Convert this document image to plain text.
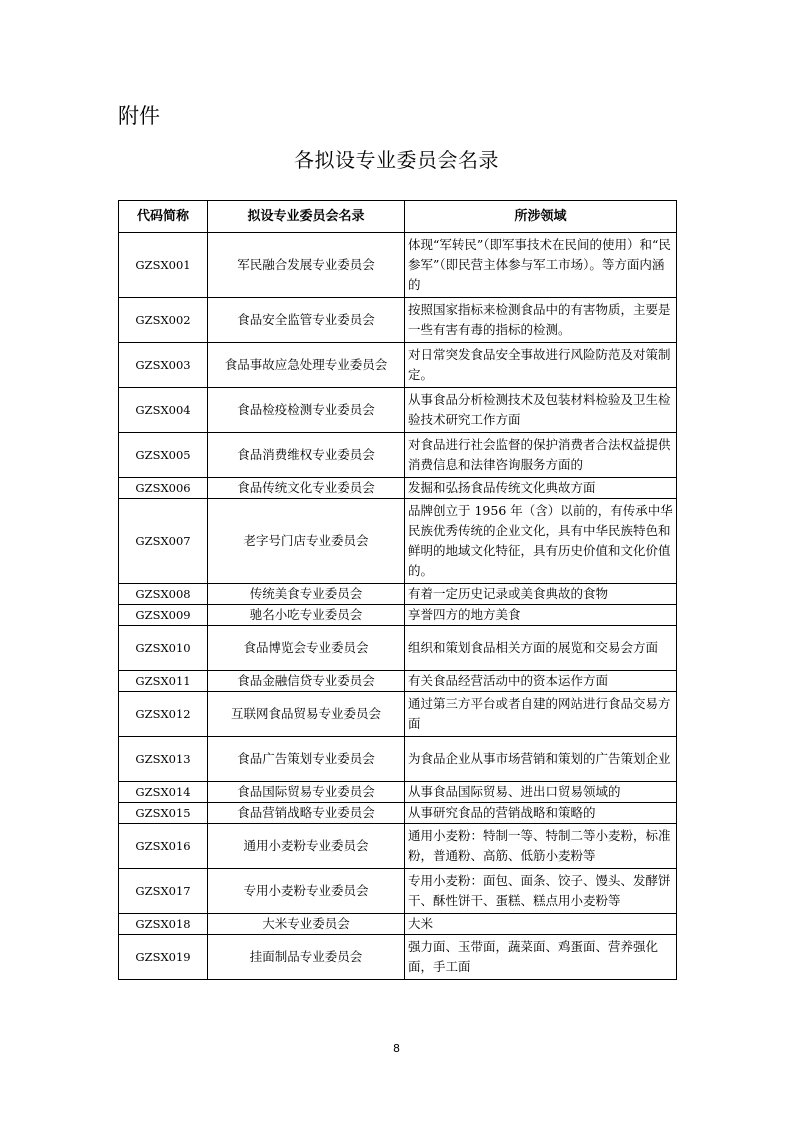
附件
各拟设专业委员会名录
代码简称	拟设专业委员会名录	所涉领域
GZSX001	军民融合发展专业委员会	体现“军转民”（即军事技术在民间的使用）和“民参军”（即民营主体参与军工市场）。等方面内涵的
GZSX002	食品安全监管专业委员会	按照国家指标来检测食品中的有害物质，主要是一些有害有毒的指标的检测。
GZSX003	食品事故应急处理专业委员会	对日常突发食品安全事故进行风险防范及对策制定。
GZSX004	食品检疫检测专业委员会	从事食品分析检测技术及包装材料检验及卫生检验技术研究工作方面
GZSX005	食品消费维权专业委员会	对食品进行社会监督的保护消费者合法权益提供消费信息和法律咨询服务方面的
GZSX006	食品传统文化专业委员会	发掘和弘扬食品传统文化典故方面
GZSX007	老字号门店专业委员会	品牌创立于 1956 年（含）以前的，有传承中华民族优秀传统的企业文化，具有中华民族特色和鲜明的地域文化特征，具有历史价值和文化价值的。
GZSX008	传统美食专业委员会	有着一定历史记录或美食典故的食物
GZSX009	驰名小吃专业委员会	享誉四方的地方美食
GZSX010	食品博览会专业委员会	组织和策划食品相关方面的展览和交易会方面
GZSX011	食品金融信贷专业委员会	有关食品经营活动中的资本运作方面
GZSX012	互联网食品贸易专业委员会	通过第三方平台或者自建的网站进行食品交易方面
GZSX013	食品广告策划专业委员会	为食品企业从事市场营销和策划的广告策划企业
GZSX014	食品国际贸易专业委员会	从事食品国际贸易、进出口贸易领域的
GZSX015	食品营销战略专业委员会	从事研究食品的营销战略和策略的
GZSX016	通用小麦粉专业委员会	通用小麦粉：特制一等、特制二等小麦粉，标准粉，普通粉、高筋、低筋小麦粉等
GZSX017	专用小麦粉专业委员会	专用小麦粉：面包、面条、饺子、馒头、发酵饼干、酥性饼干、蛋糕、糕点用小麦粉等
GZSX018	大米专业委员会	大米
GZSX019	挂面制品专业委员会	强力面、玉带面，蔬菜面、鸡蛋面、营养强化面，手工面
8
